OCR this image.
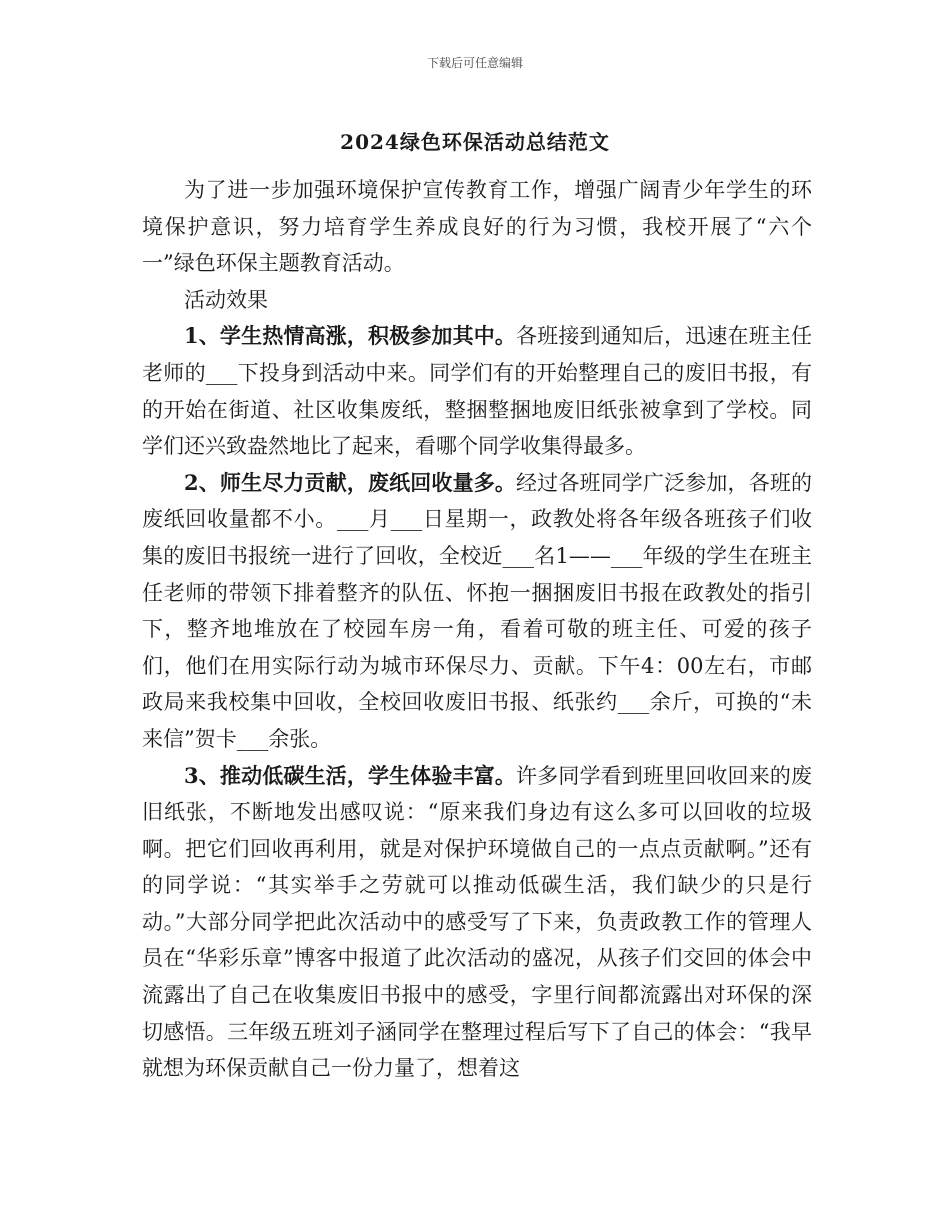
下载后可任意编辑
2024绿色环保活动总结范文

为了进一步加强环境保护宣传教育工作，增强广阔青少年学生的环境保护意识，努力培育学生养成良好的行为习惯，我校开展了“六个一”绿色环保主题教育活动。

活动效果

1、学生热情高涨，积极参加其中。各班接到通知后，迅速在班主任老师的___下投身到活动中来。同学们有的开始整理自己的废旧书报，有的开始在街道、社区收集废纸，整捆整捆地废旧纸张被拿到了学校。同学们还兴致盎然地比了起来，看哪个同学收集得最多。

2、师生尽力贡献，废纸回收量多。经过各班同学广泛参加，各班的废纸回收量都不小。___月___日星期一，政教处将各年级各班孩子们收集的废旧书报统一进行了回收，全校近___名1——___年级的学生在班主任老师的带领下排着整齐的队伍、怀抱一捆捆废旧书报在政教处的指引下，整齐地堆放在了校园车房一角，看着可敬的班主任、可爱的孩子们，他们在用实际行动为城市环保尽力、贡献。下午4：00左右，市邮政局来我校集中回收，全校回收废旧书报、纸张约___余斤，可换的“未来信”贺卡___余张。

3、推动低碳生活，学生体验丰富。许多同学看到班里回收回来的废旧纸张，不断地发出感叹说：“原来我们身边有这么多可以回收的垃圾啊。把它们回收再利用，就是对保护环境做自己的一点点贡献啊。”还有的同学说：“其实举手之劳就可以推动低碳生活，我们缺少的只是行动。”大部分同学把此次活动中的感受写了下来，负责政教工作的管理人员在“华彩乐章”博客中报道了此次活动的盛况，从孩子们交回的体会中流露出了自己在收集废旧书报中的感受，字里行间都流露出对环保的深切感悟。三年级五班刘子涵同学在整理过程后写下了自己的体会：“我早就想为环保贡献自己一份力量了，想着这
